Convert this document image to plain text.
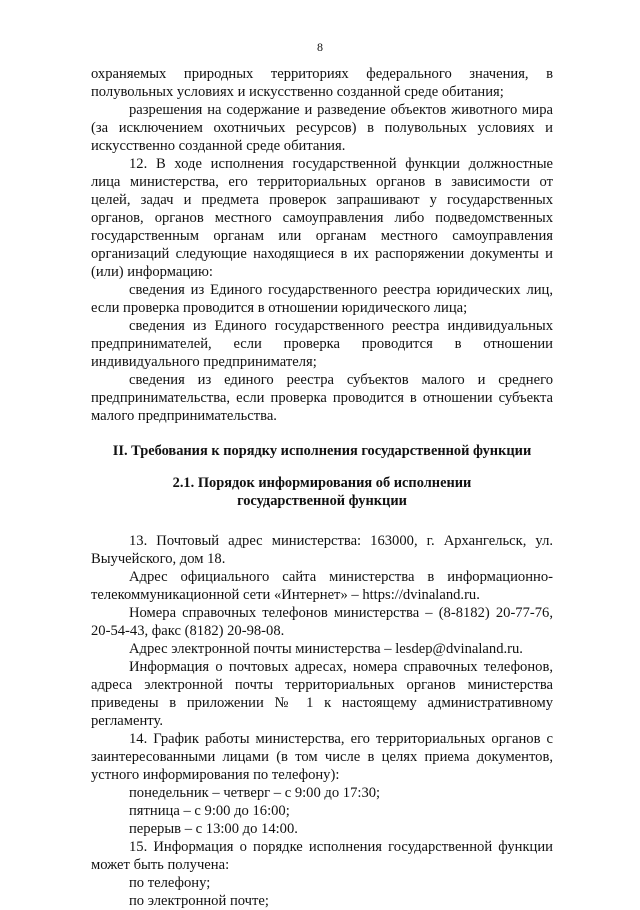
8

охраняемых природных территориях федерального значения, в полувольных условиях и искусственно созданной среде обитания;

разрешения на содержание и разведение объектов животного мира (за исключением охотничьих ресурсов) в полувольных условиях и искусственно созданной среде обитания.

12. В ходе исполнения государственной функции должностные лица министерства, его территориальных органов в зависимости от целей, задач и предмета проверок запрашивают у государственных органов, органов местного самоуправления либо подведомственных государственным органам или органам местного самоуправления организаций следующие находящиеся в их распоряжении документы и (или) информацию:

сведения из Единого государственного реестра юридических лиц, если проверка проводится в отношении юридического лица;

сведения из Единого государственного реестра индивидуальных предпринимателей, если проверка проводится в отношении индивидуального предпринимателя;

сведения из единого реестра субъектов малого и среднего предпринимательства, если проверка проводится в отношении субъекта малого предпринимательства.

II. Требования к порядку исполнения государственной функции

2.1. Порядок информирования об исполнении
государственной функции

13. Почтовый адрес министерства: 163000, г. Архангельск, ул. Выучейского, дом 18.

Адрес официального сайта министерства в информационно-телекоммуникационной сети «Интернет» – https://dvinaland.ru.

Номера справочных телефонов министерства – (8-8182) 20-77-76, 20-54-43, факс (8182) 20-98-08.

Адрес электронной почты министерства – lesdep@dvinaland.ru.

Информация о почтовых адресах, номера справочных телефонов, адреса электронной почты территориальных органов министерства приведены в приложении № 1 к настоящему административному регламенту.

14. График работы министерства, его территориальных органов с заинтересованными лицами (в том числе в целях приема документов, устного информирования по телефону):

понедельник – четверг – с 9:00 до 17:30;

пятница – с 9:00 до 16:00;

перерыв – с 13:00 до 14:00.

15. Информация о порядке исполнения государственной функции может быть получена:

по телефону;

по электронной почте;
